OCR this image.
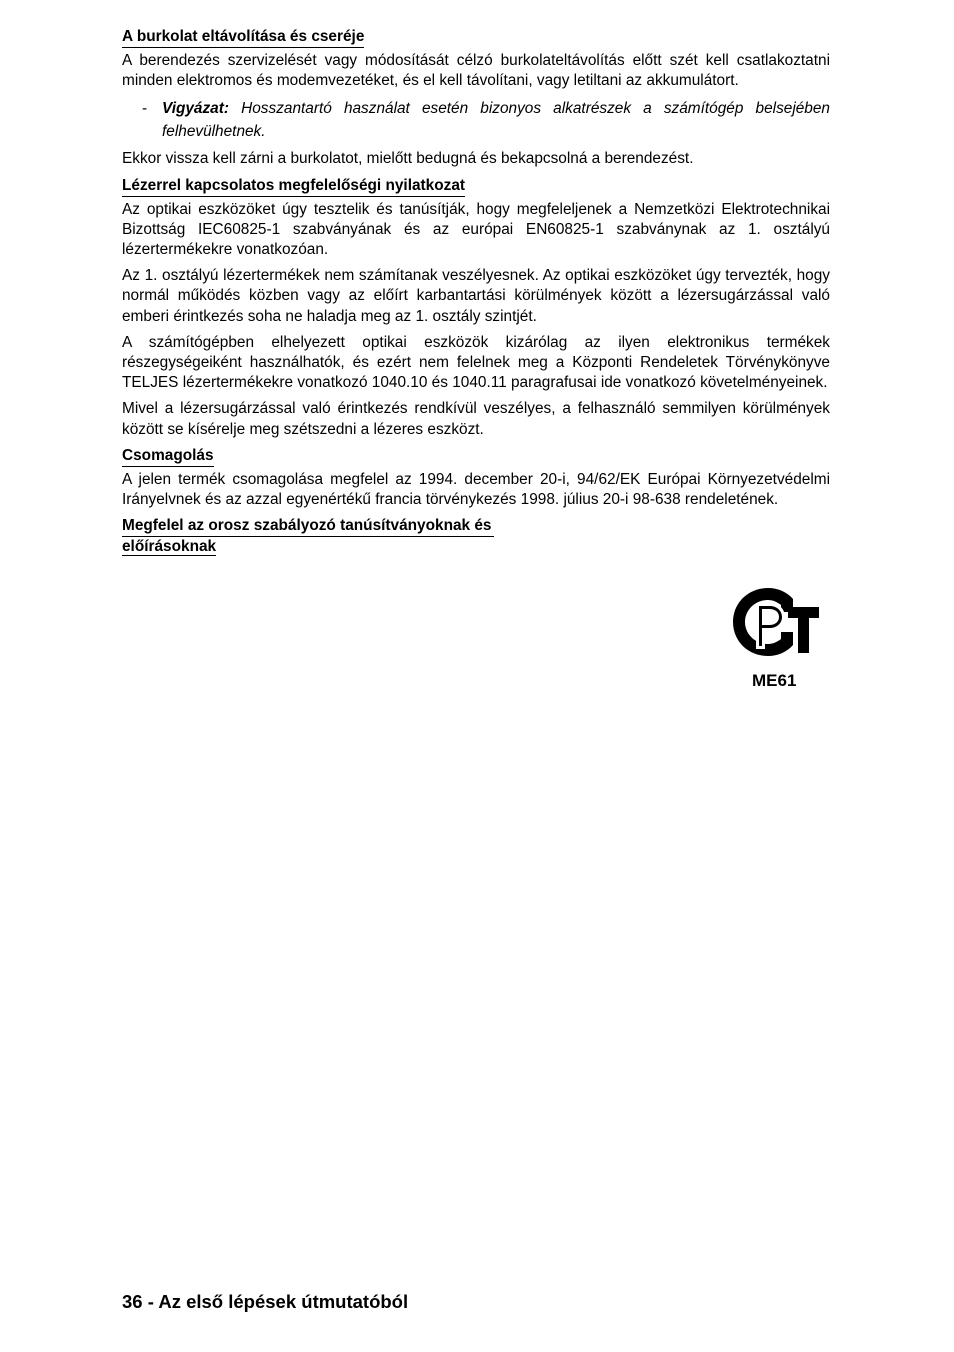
A burkolat eltávolítása és cseréje

A berendezés szervizelését vagy módosítását célzó burkolateltávolítás előtt szét kell csatlakoztatni minden elektromos és modemvezetéket, és el kell távolítani, vagy letiltani az akkumulátort.

- Vigyázat: Hosszantartó használat esetén bizonyos alkatrészek a számítógép belsejében felhevülhetnek.

Ekkor vissza kell zárni a burkolatot, mielőtt bedugná és bekapcsolná a berendezést.

Lézerrel kapcsolatos megfelelőségi nyilatkozat

Az optikai eszközöket úgy tesztelik és tanúsítják, hogy megfeleljenek a Nemzetközi Elektrotechnikai Bizottság IEC60825-1 szabványának és az európai EN60825-1 szabványnak az 1. osztályú lézertermékekre vonatkozóan.

Az 1. osztályú lézertermékek nem számítanak veszélyesnek. Az optikai eszközöket úgy tervezték, hogy normál működés közben vagy az előírt karbantartási körülmények között a lézersugárzással való emberi érintkezés soha ne haladja meg az 1. osztály szintjét.

A számítógépben elhelyezett optikai eszközök kizárólag az ilyen elektronikus termékek részegységeiként használhatók, és ezért nem felelnek meg a Központi Rendeletek Törvénykönyve TELJES lézertermékekre vonatkozó 1040.10 és 1040.11 paragrafusai ide vonatkozó követelményeinek.

Mivel a lézersugárzással való érintkezés rendkívül veszélyes, a felhasználó semmilyen körülmények között se kísérelje meg szétszedni a lézeres eszközt.

Csomagolás

A jelen termék csomagolása megfelel az 1994. december 20-i, 94/62/EK Európai Környezetvédelmi Irányelvnek és az azzal egyenértékű francia törvénykezés 1998. július 20-i 98-638 rendeletének.

Megfelel az orosz szabályozó tanúsítványoknak és
előírásoknak
ME61
36 - Az első lépések útmutatóból
